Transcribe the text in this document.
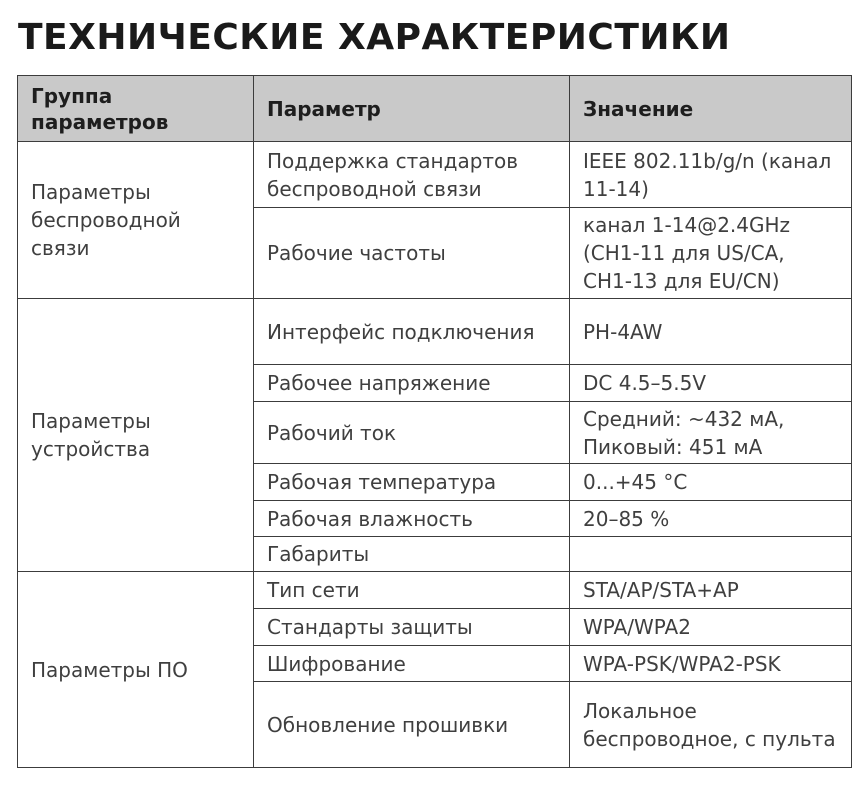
ТЕХНИЧЕСКИЕ ХАРАКТЕРИСТИКИ
Группа параметров	Параметр	Значение
Параметры беспроводной связи	Поддержка стандартов беспроводной связи	IEEE 802.11b/g/n (канал 11-14)
	Рабочие частоты	канал 1-14@2.4GHz (CH1-11 для US/CA, CH1-13 для EU/CN)
Параметры устройства	Интерфейс подключения	PH-4AW
	Рабочее напряжение	DC 4.5–5.5V
	Рабочий ток	Средний: ~432 мА, Пиковый: 451 мА
	Рабочая температура	0...+45 °C
	Рабочая влажность	20–85 %
	Габариты	
Параметры ПО	Тип сети	STA/AP/STA+AP
	Стандарты защиты	WPA/WPA2
	Шифрование	WPA-PSK/WPA2-PSK
	Обновление прошивки	Локальное беспроводное, с пульта
